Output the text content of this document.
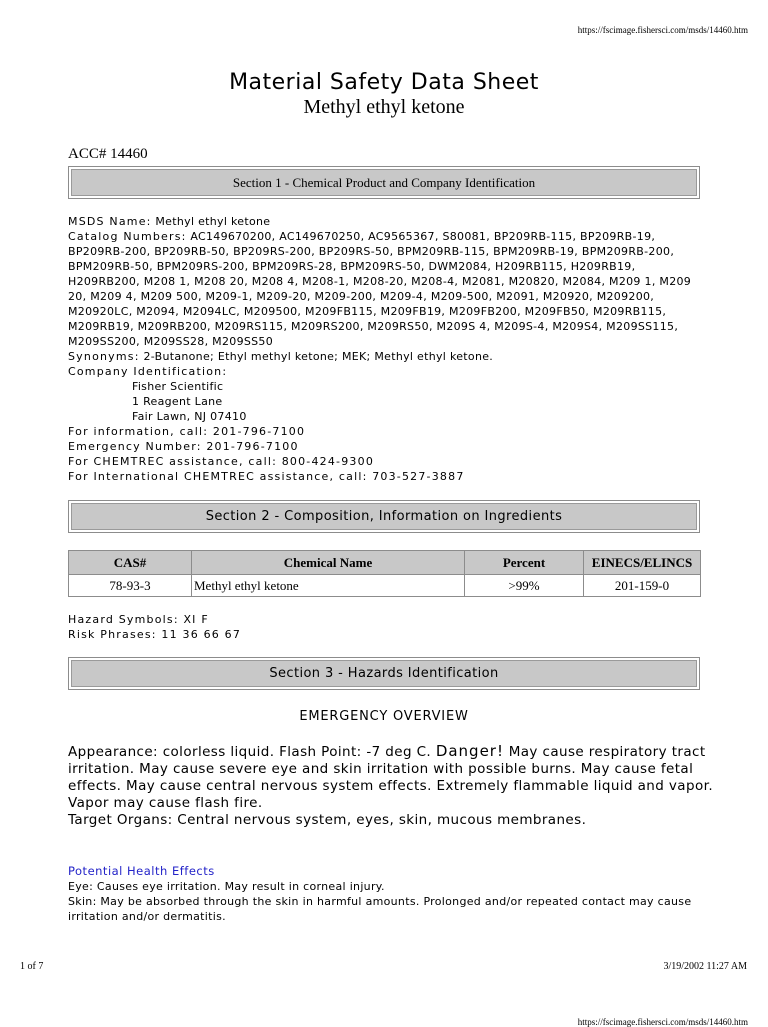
https://fscimage.fishersci.com/msds/14460.htm
Material Safety Data Sheet
Methyl ethyl ketone
ACC# 14460
Section 1 - Chemical Product and Company Identification
MSDS Name: Methyl ethyl ketone
Catalog Numbers: AC149670200, AC149670250, AC9565367, S80081, BP209RB-115, BP209RB-19, BP209RB-200, BP209RB-50, BP209RS-200, BP209RS-50, BPM209RB-115, BPM209RB-19, BPM209RB-200, BPM209RB-50, BPM209RS-200, BPM209RS-28, BPM209RS-50, DWM2084, H209RB115, H209RB19, H209RB200, M208 1, M208 20, M208 4, M208-1, M208-20, M208-4, M2081, M20820, M2084, M209 1, M209 20, M209 4, M209 500, M209-1, M209-20, M209-200, M209-4, M209-500, M2091, M20920, M209200, M20920LC, M2094, M2094LC, M209500, M209FB115, M209FB19, M209FB200, M209FB50, M209RB115, M209RB19, M209RB200, M209RS115, M209RS200, M209RS50, M209S 4, M209S-4, M209S4, M209SS115, M209SS200, M209SS28, M209SS50
Synonyms: 2-Butanone; Ethyl methyl ketone; MEK; Methyl ethyl ketone.
Company Identification:
Fisher Scientific
1 Reagent Lane
Fair Lawn, NJ 07410
For information, call: 201-796-7100
Emergency Number: 201-796-7100
For CHEMTREC assistance, call: 800-424-9300
For International CHEMTREC assistance, call: 703-527-3887
Section 2 - Composition, Information on Ingredients
CAS#	Chemical Name	Percent	EINECS/ELINCS
78-93-3	Methyl ethyl ketone	>99%	201-159-0
Hazard Symbols: XI F
Risk Phrases: 11 36 66 67
Section 3 - Hazards Identification
EMERGENCY OVERVIEW
Appearance: colorless liquid. Flash Point: -7 deg C. Danger! May cause respiratory tract irritation. May cause severe eye and skin irritation with possible burns. May cause fetal effects. May cause central nervous system effects. Extremely flammable liquid and vapor. Vapor may cause flash fire.
Target Organs: Central nervous system, eyes, skin, mucous membranes.
Potential Health Effects
Eye: Causes eye irritation. May result in corneal injury.
Skin: May be absorbed through the skin in harmful amounts. Prolonged and/or repeated contact may cause irritation and/or dermatitis.
1 of 7	3/19/2002 11:27 AM
https://fscimage.fishersci.com/msds/14460.htm
